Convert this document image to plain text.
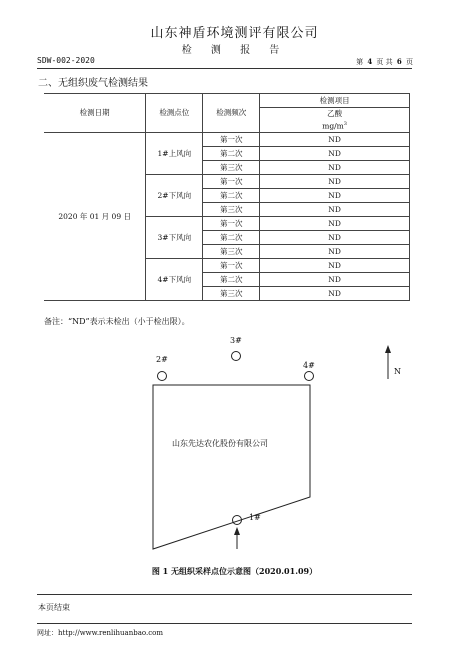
山东神盾环境测评有限公司
检 测 报 告
SDW-002-2020	第 4 页 共 6 页
二、无组织废气检测结果
检测日期	检测点位	检测频次	检测项目
			乙酸
			$mg/m^3$
2020 年 01 月 09 日	1#上风向	第一次	ND
		第二次	ND
		第三次	ND
	2#下风向	第一次	ND
		第二次	ND
		第三次	ND
	3#下风向	第一次	ND
		第二次	ND
		第三次	ND
	4#下风向	第一次	ND
		第二次	ND
		第三次	ND
备注：“ND”表示未检出（小于检出限）。
3#
2#
4#
1#
N
山东先达农化股份有限公司
图 1 无组织采样点位示意图（2020.01.09）
本页结束
网址：http://www.renlihuanbao.com
